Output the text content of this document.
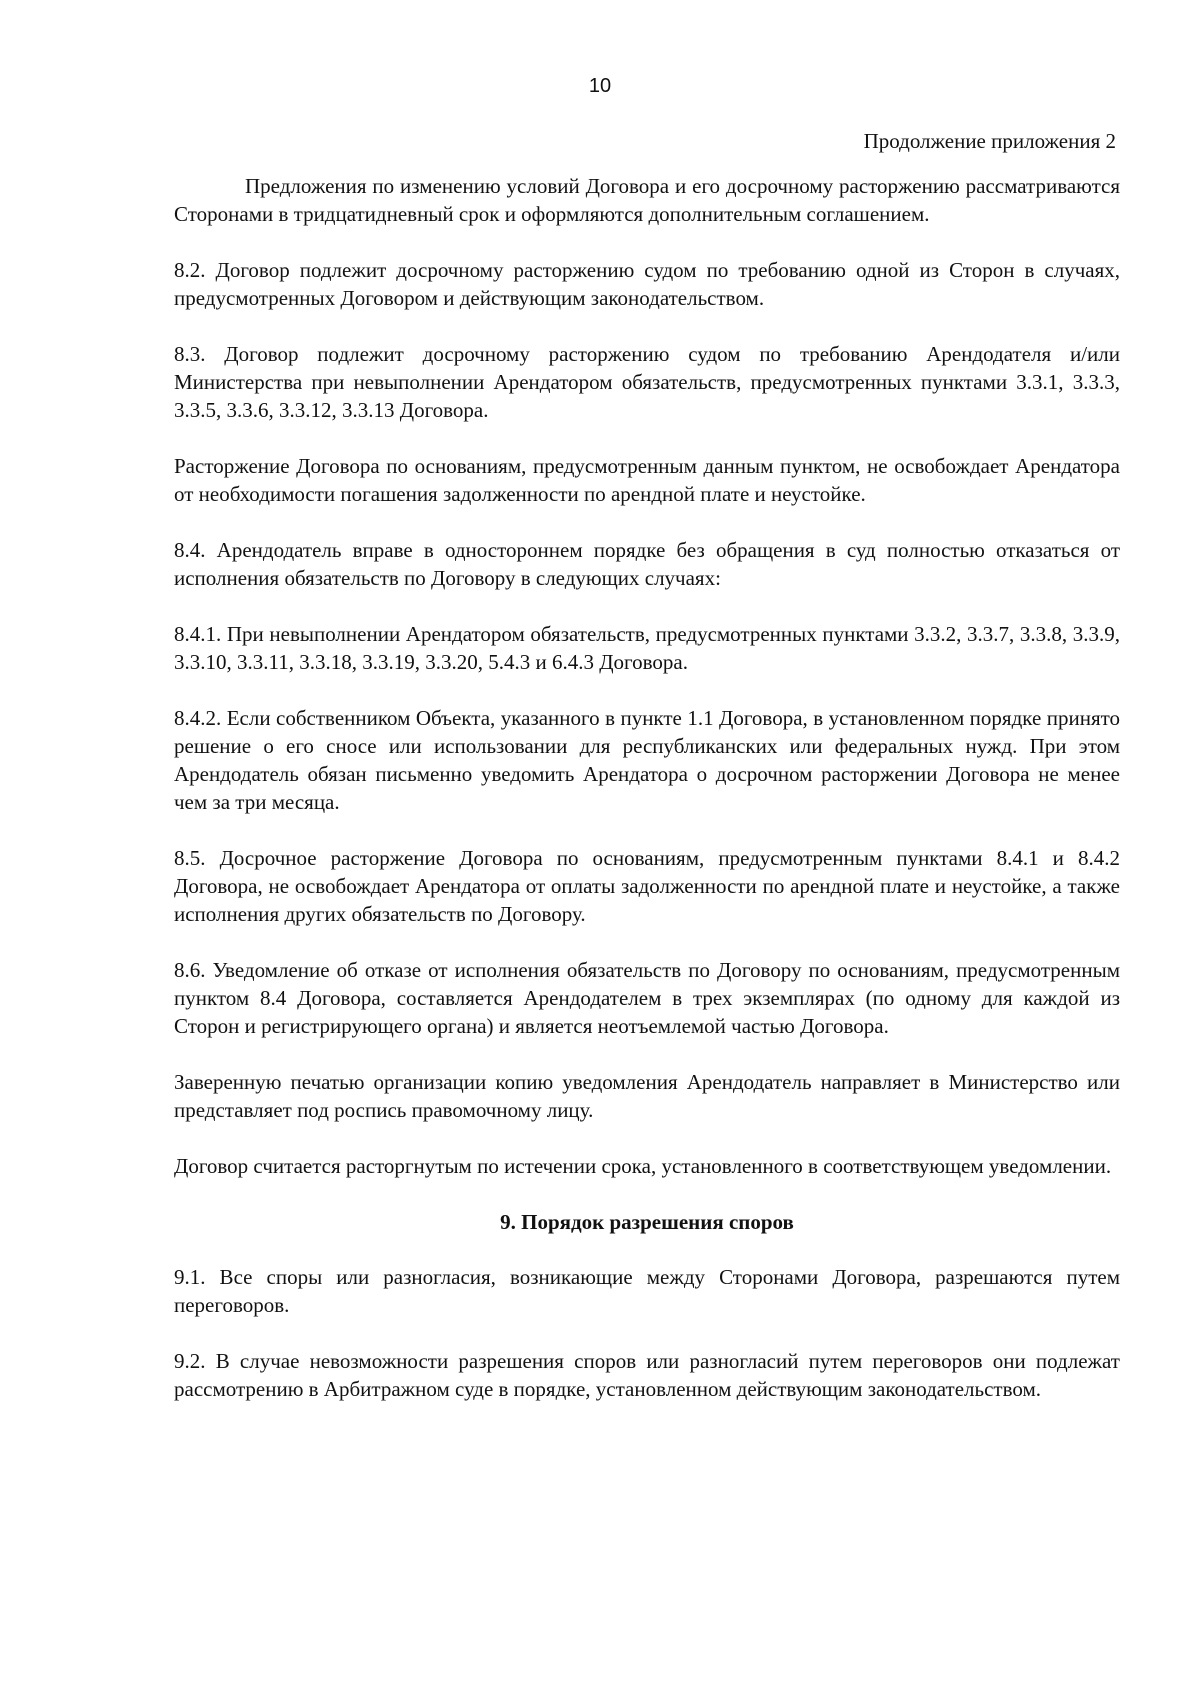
10
Продолжение приложения 2

Предложения по изменению условий Договора и его досрочному расторжению рассматриваются Сторонами в тридцатидневный срок и оформляются дополнительным соглашением.

8.2. Договор подлежит досрочному расторжению судом по требованию одной из Сторон в случаях, предусмотренных Договором и действующим законодательством.

8.3. Договор подлежит досрочному расторжению судом по требованию Арендодателя и/или Министерства при невыполнении Арендатором обязательств, предусмотренных пунктами 3.3.1, 3.3.3, 3.3.5, 3.3.6, 3.3.12, 3.3.13 Договора.

Расторжение Договора по основаниям, предусмотренным данным пунктом, не освобождает Арендатора от необходимости погашения задолженности по арендной плате и неустойке.

8.4. Арендодатель вправе в одностороннем порядке без обращения в суд полностью отказаться от исполнения обязательств по Договору в следующих случаях:

8.4.1. При невыполнении Арендатором обязательств, предусмотренных пунктами 3.3.2, 3.3.7, 3.3.8, 3.3.9, 3.3.10, 3.3.11, 3.3.18, 3.3.19, 3.3.20, 5.4.3 и 6.4.3 Договора.

8.4.2. Если собственником Объекта, указанного в пункте 1.1 Договора, в установленном порядке принято решение о его сносе или использовании для республиканских или федеральных нужд. При этом Арендодатель обязан письменно уведомить Арендатора о досрочном расторжении Договора не менее чем за три месяца.

8.5. Досрочное расторжение Договора по основаниям, предусмотренным пунктами 8.4.1 и 8.4.2 Договора, не освобождает Арендатора от оплаты задолженности по арендной плате и неустойке, а также исполнения других обязательств по Договору.

8.6. Уведомление об отказе от исполнения обязательств по Договору по основаниям, предусмотренным пунктом 8.4 Договора, составляется Арендодателем в трех экземплярах (по одному для каждой из Сторон и регистрирующего органа) и является неотъемлемой частью Договора.

Заверенную печатью организации копию уведомления Арендодатель направляет в Министерство или представляет под роспись правомочному лицу.

Договор считается расторгнутым по истечении срока, установленного в соответствующем уведомлении.

9. Порядок разрешения споров

9.1. Все споры или разногласия, возникающие между Сторонами Договора, разрешаются путем переговоров.

9.2. В случае невозможности разрешения споров или разногласий путем переговоров они подлежат рассмотрению в Арбитражном суде в порядке, установленном действующим законодательством.
